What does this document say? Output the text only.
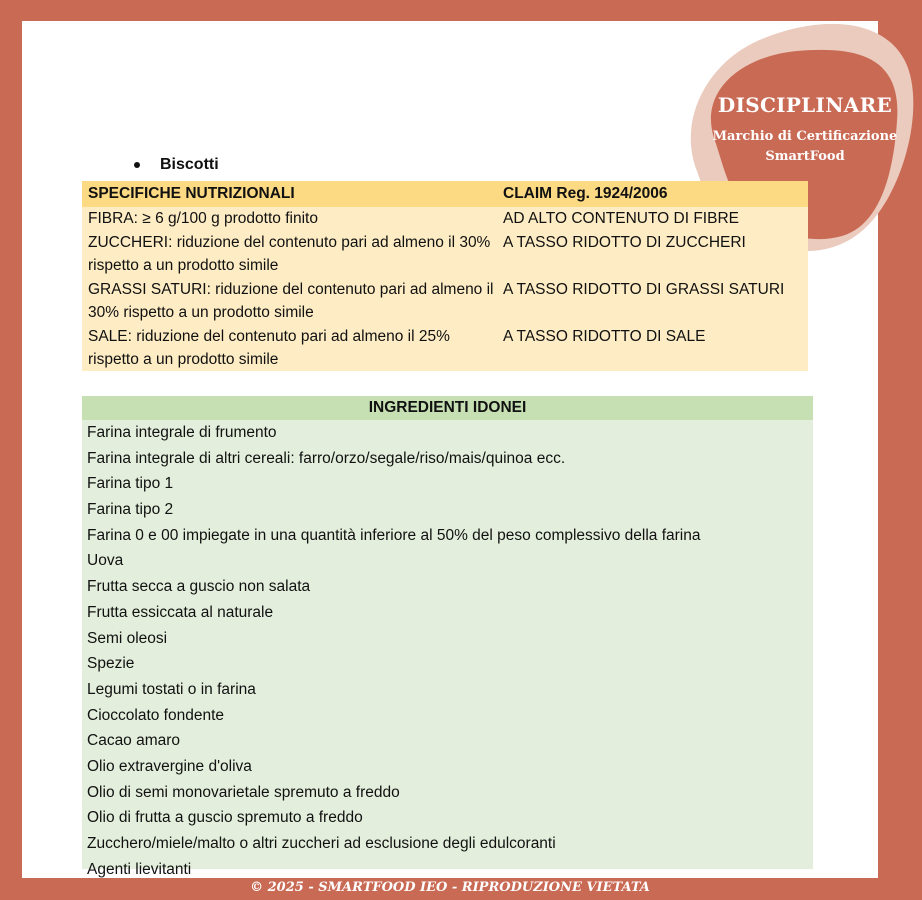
DISCIPLINARE
Marchio di Certificazione
SmartFood
Biscotti
SPECIFICHE NUTRIZIONALI	CLAIM Reg. 1924/2006
FIBRA: ≥ 6 g/100 g prodotto finito	AD ALTO CONTENUTO DI FIBRE
ZUCCHERI: riduzione del contenuto pari ad almeno il 30% rispetto a un prodotto simile
A TASSO RIDOTTO DI ZUCCHERI
GRASSI SATURI: riduzione del contenuto pari ad almeno il 30% rispetto a un prodotto simile
A TASSO RIDOTTO DI GRASSI SATURI
SALE: riduzione del contenuto pari ad almeno il 25% rispetto a un prodotto simile
A TASSO RIDOTTO DI SALE
INGREDIENTI IDONEI
Farina integrale di frumento
Farina integrale di altri cereali: farro/orzo/segale/riso/mais/quinoa ecc.
Farina tipo 1
Farina tipo 2
Farina 0 e 00 impiegate in una quantità inferiore al 50% del peso complessivo della farina
Uova
Frutta secca a guscio non salata
Frutta essiccata al naturale
Semi oleosi
Spezie
Legumi tostati o in farina
Cioccolato fondente
Cacao amaro
Olio extravergine d'oliva
Olio di semi monovarietale spremuto a freddo
Olio di frutta a guscio spremuto a freddo
Zucchero/miele/malto o altri zuccheri ad esclusione degli edulcoranti
Agenti lievitanti
© 2025 - SMARTFOOD IEO - RIPRODUZIONE VIETATA
